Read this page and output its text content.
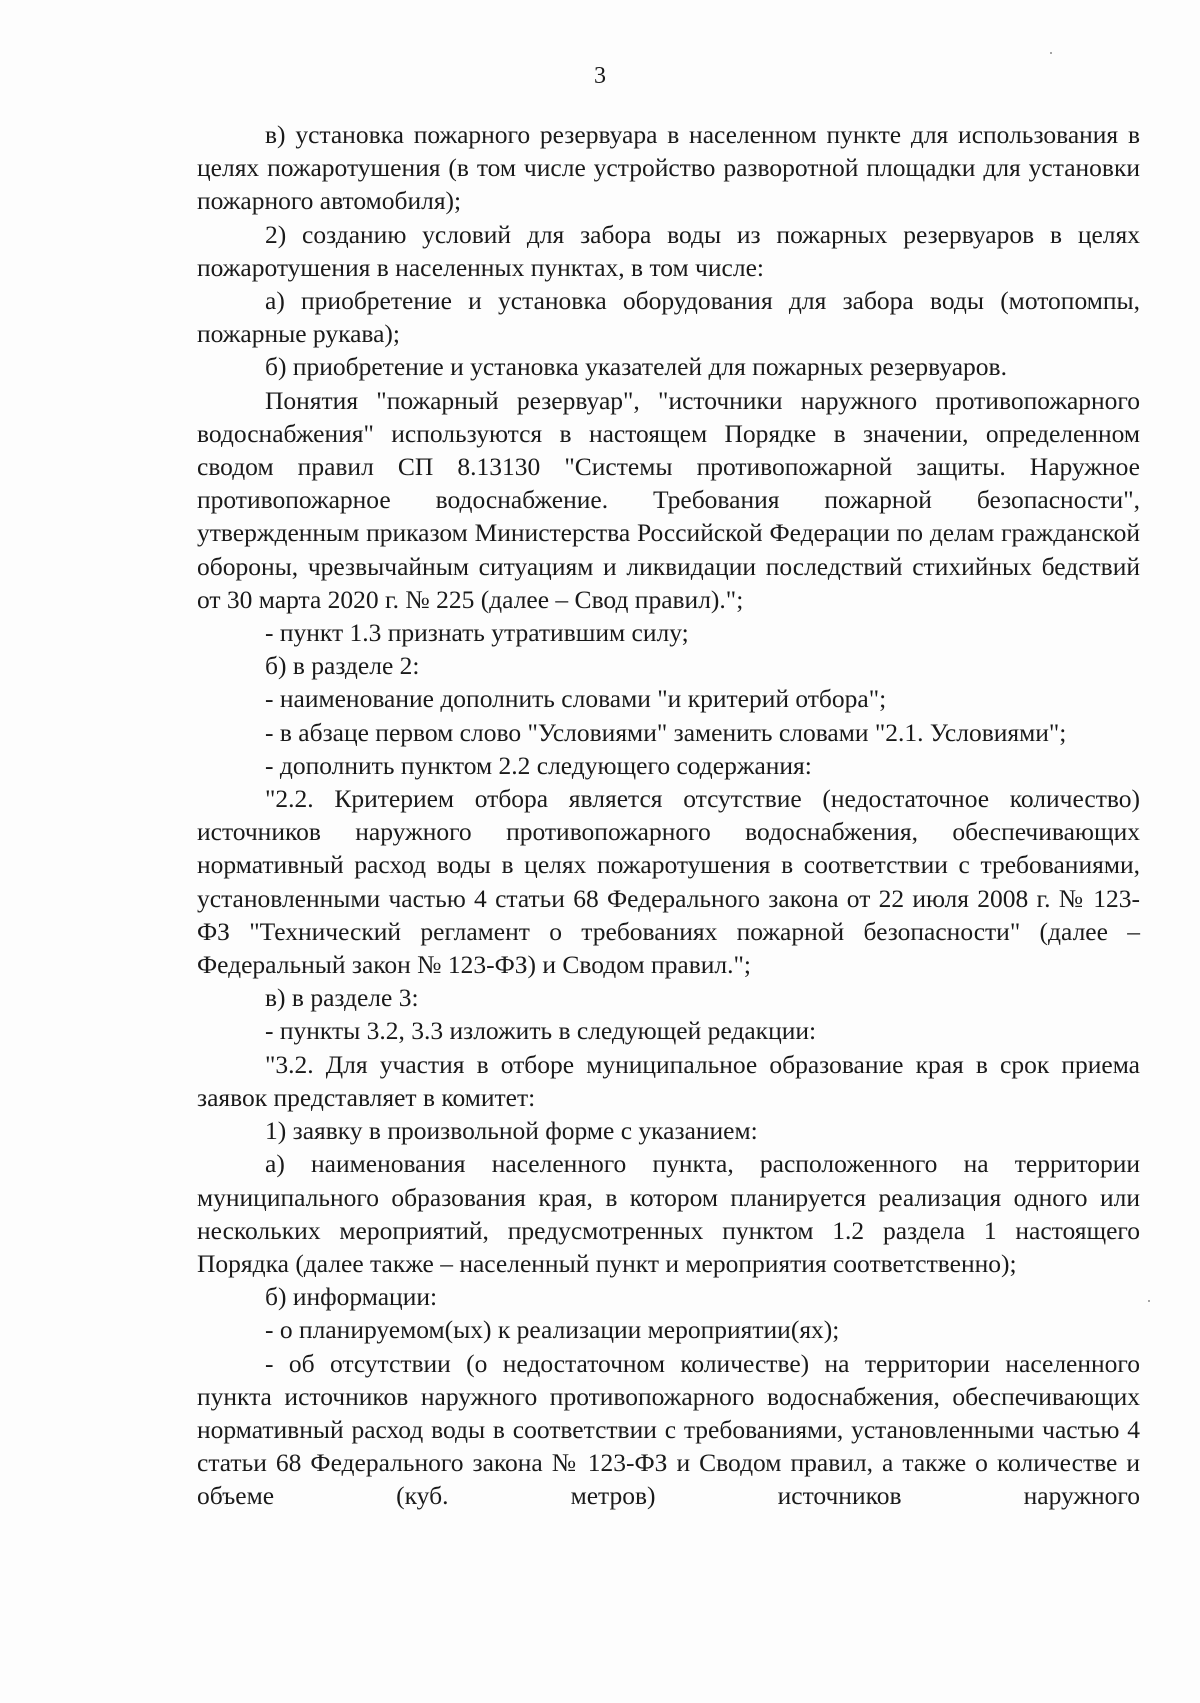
3

в) установка пожарного резервуара в населенном пункте для использования в целях пожаротушения (в том числе устройство разворотной площадки для установки пожарного автомобиля);

2) созданию условий для забора воды из пожарных резервуаров в целях пожаротушения в населенных пунктах, в том числе:

а) приобретение и установка оборудования для забора воды (мотопомпы, пожарные рукава);

б) приобретение и установка указателей для пожарных резервуаров.

Понятия "пожарный резервуар", "источники наружного противопожарного водоснабжения" используются в настоящем Порядке в значении, определенном сводом правил СП 8.13130 "Системы противопожарной защиты. Наружное противопожарное водоснабжение. Требования пожарной безопасности", утвержденным приказом Министерства Российской Федерации по делам гражданской обороны, чрезвычайным ситуациям и ликвидации последствий стихийных бедствий от 30 марта 2020 г. № 225 (далее – Свод правил).";

- пункт 1.3 признать утратившим силу;

б) в разделе 2:

- наименование дополнить словами "и критерий отбора";

- в абзаце первом слово "Условиями" заменить словами "2.1. Условиями";

- дополнить пунктом 2.2 следующего содержания:

"2.2. Критерием отбора является отсутствие (недостаточное количество) источников наружного противопожарного водоснабжения, обеспечивающих нормативный расход воды в целях пожаротушения в соответствии с требованиями, установленными частью 4 статьи 68 Федерального закона от 22 июля 2008 г. № 123-ФЗ "Технический регламент о требованиях пожарной безопасности" (далее – Федеральный закон № 123-ФЗ) и Сводом правил.";

в) в разделе 3:

- пункты 3.2, 3.3 изложить в следующей редакции:

"3.2. Для участия в отборе муниципальное образование края в срок приема заявок представляет в комитет:

1) заявку в произвольной форме с указанием:

а) наименования населенного пункта, расположенного на территории муниципального образования края, в котором планируется реализация одного или нескольких мероприятий, предусмотренных пунктом 1.2 раздела 1 настоящего Порядка (далее также – населенный пункт и мероприятия соответственно);

б) информации:

- о планируемом(ых) к реализации мероприятии(ях);

- об отсутствии (о недостаточном количестве) на территории населенного пункта источников наружного противопожарного водоснабжения, обеспечивающих нормативный расход воды в соответствии с требованиями, установленными частью 4 статьи 68 Федерального закона № 123-ФЗ и Сводом правил, а также о количестве и объеме (куб. метров) источников наружного
